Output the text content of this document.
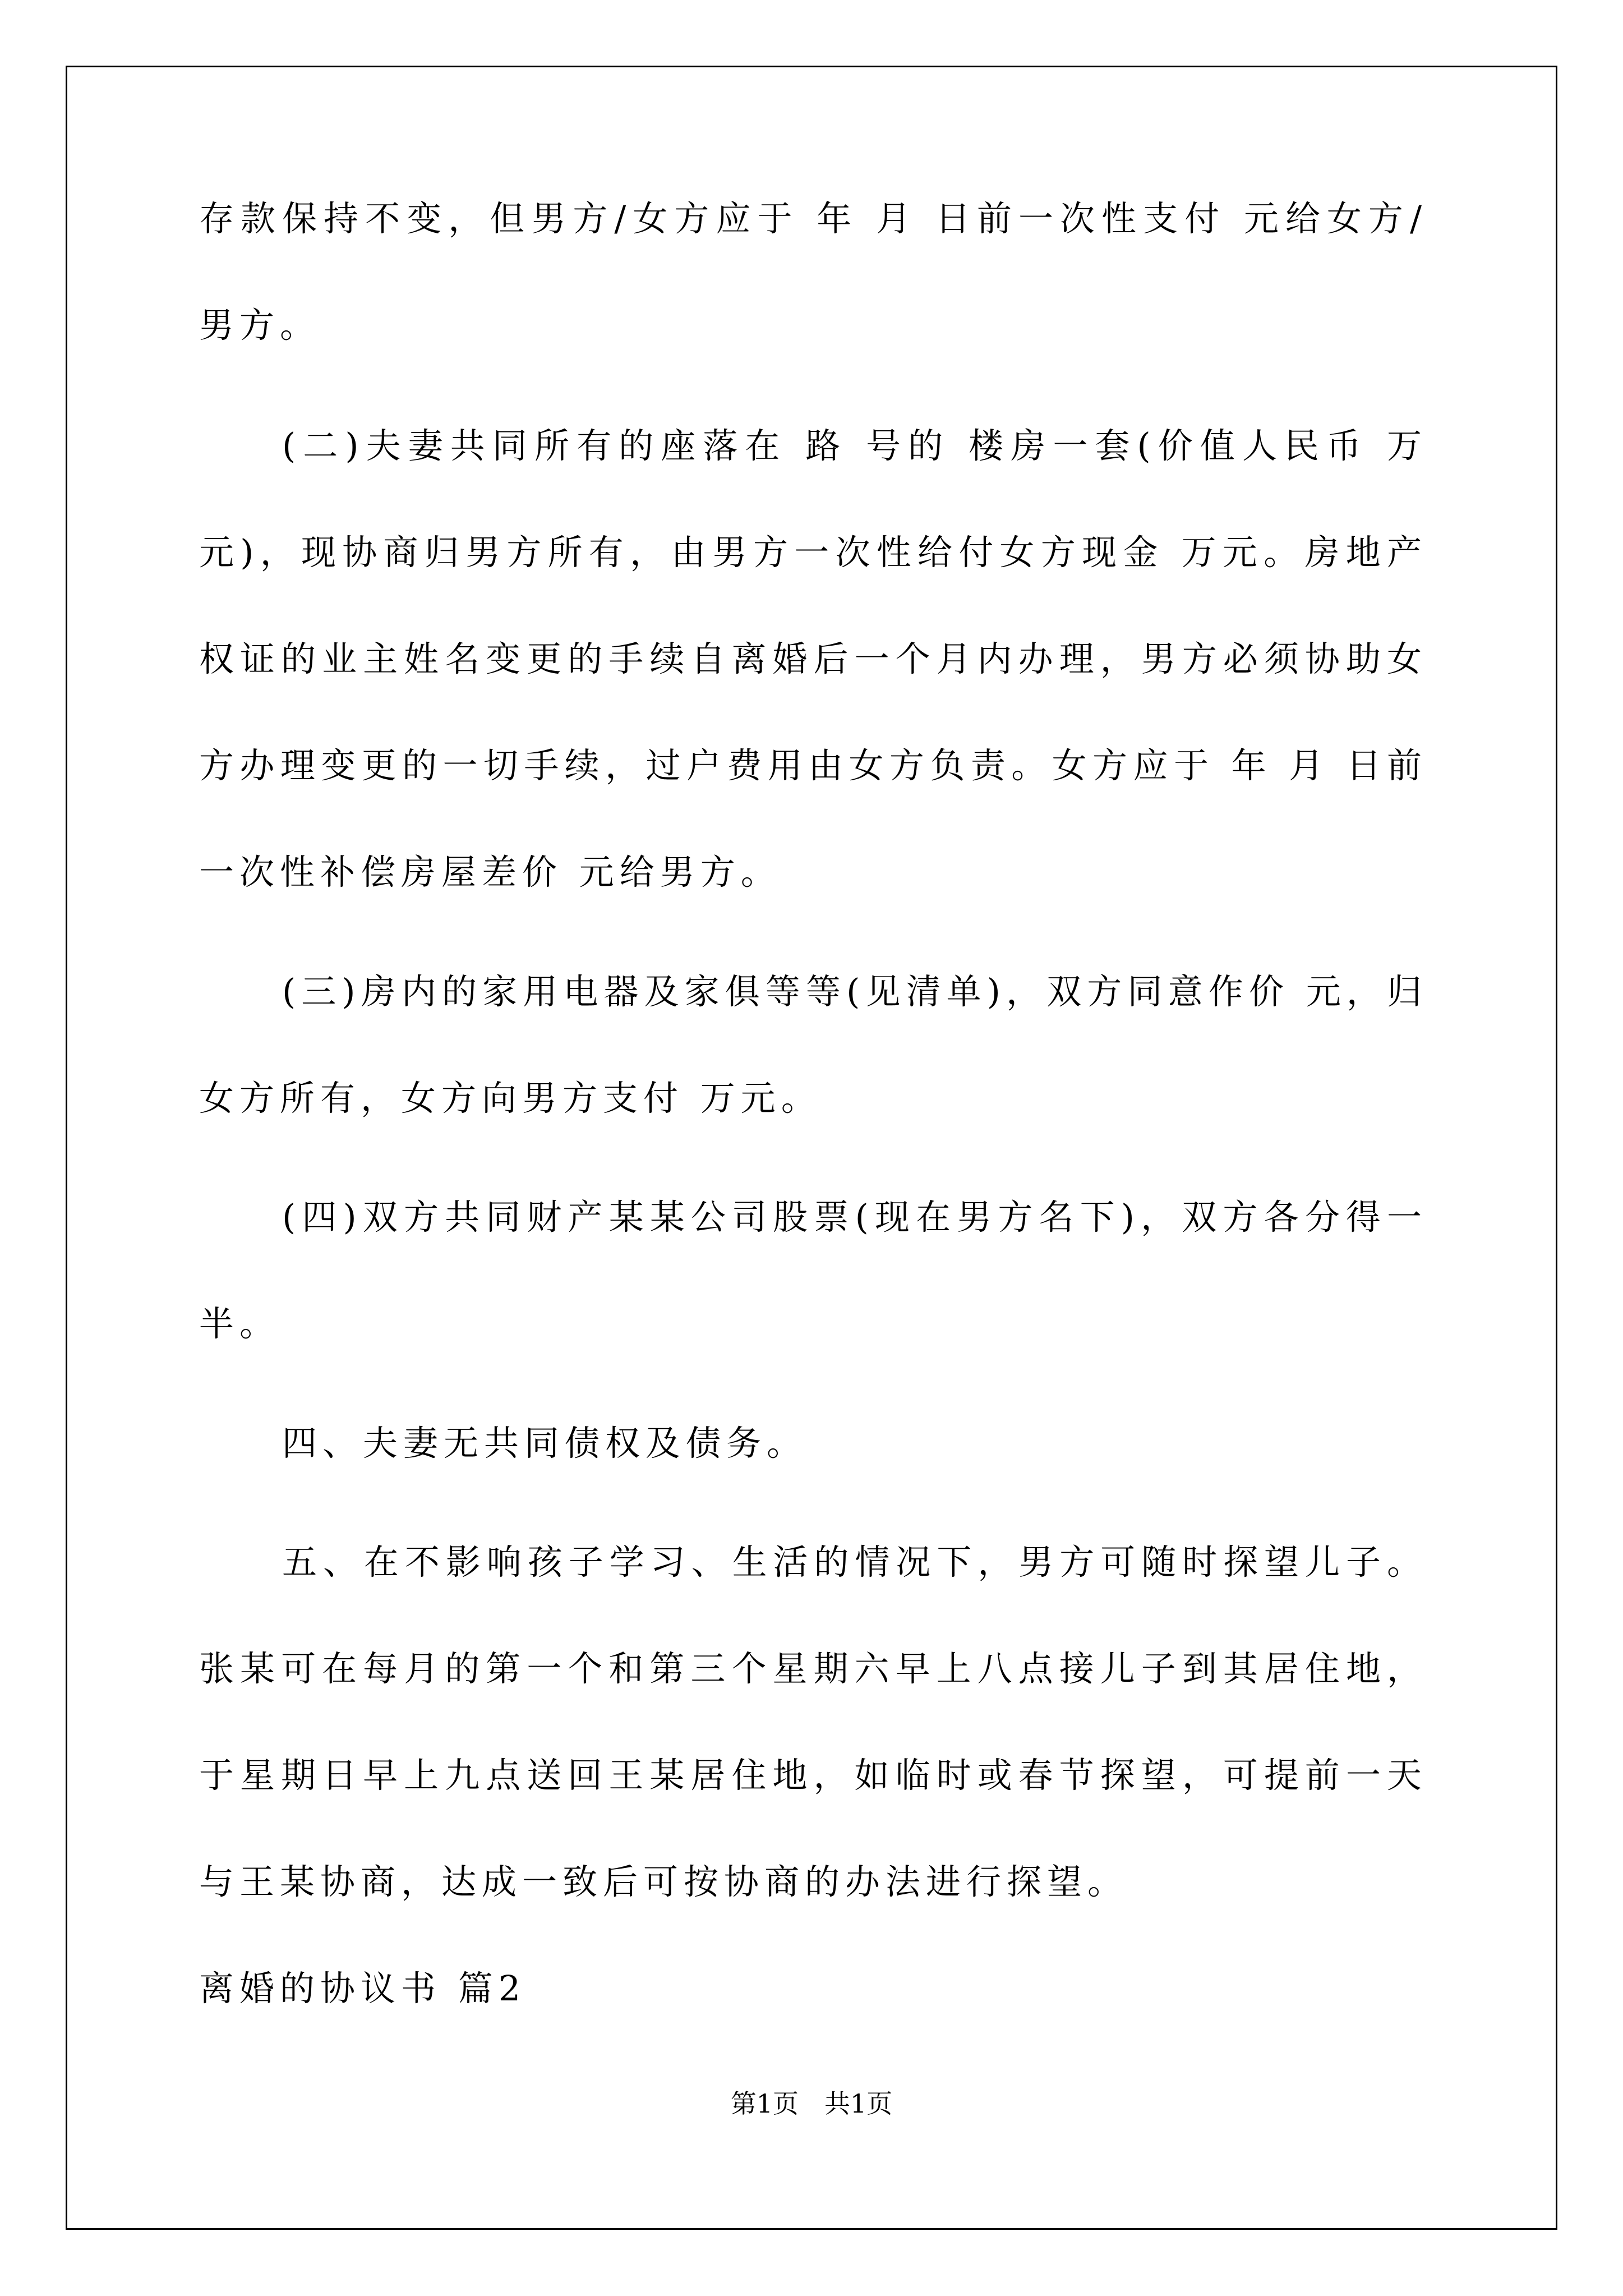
存款保持不变，但男方/女方应于 年 月 日前一次性支付 元给女方/
男方。
(二)夫妻共同所有的座落在 路 号的 楼房一套(价值人民币 万
元)，现协商归男方所有，由男方一次性给付女方现金 万元。房地产
权证的业主姓名变更的手续自离婚后一个月内办理，男方必须协助女
方办理变更的一切手续，过户费用由女方负责。女方应于 年 月 日前
一次性补偿房屋差价 元给男方。
(三)房内的家用电器及家俱等等(见清单)，双方同意作价 元，归
女方所有，女方向男方支付 万元。
(四)双方共同财产某某公司股票(现在男方名下)，双方各分得一
半。
四、夫妻无共同债权及债务。
五、在不影响孩子学习、生活的情况下，男方可随时探望儿子。
张某可在每月的第一个和第三个星期六早上八点接儿子到其居住地，
于星期日早上九点送回王某居住地，如临时或春节探望，可提前一天
与王某协商，达成一致后可按协商的办法进行探望。
离婚的协议书 篇2
第1页　共1页
